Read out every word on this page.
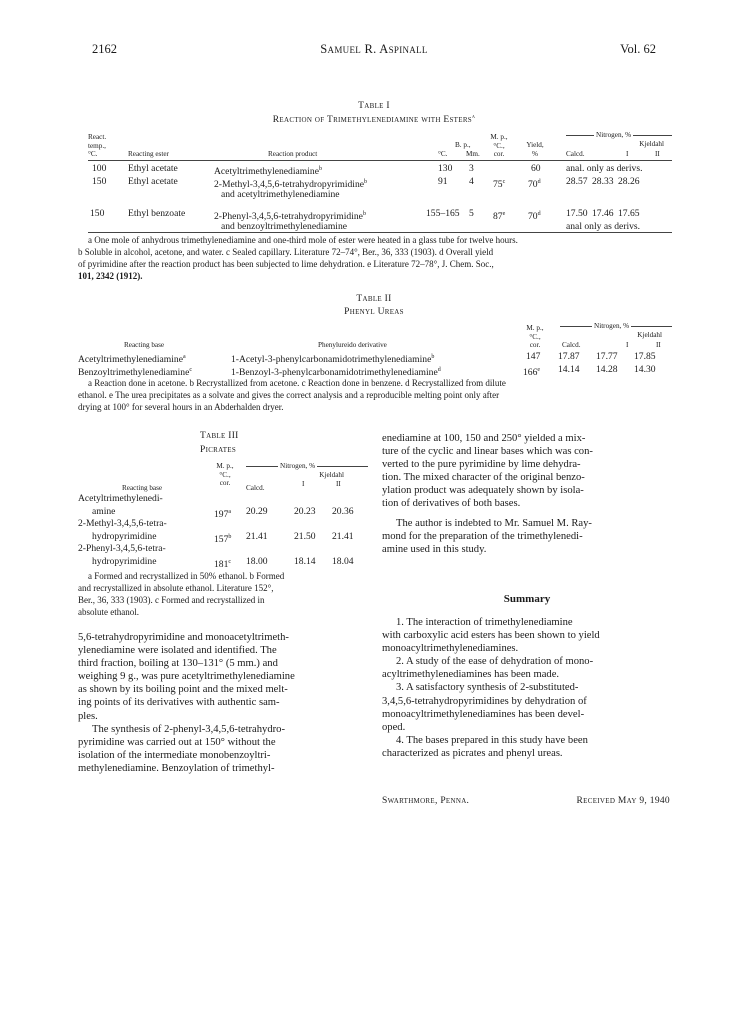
2162	Samuel R. Aspinall	Vol. 62
Table I
Reaction of Trimethylenediamine with Esters$^a$
React.
temp.,
°C.	Reacting ester	Reaction product
B. p.,
°C.	Mm.
M. p.,
°C.,
cor.
Yield,
%
Nitrogen, %
Kjeldahl
Calcd.	I	II
100 Ethyl acetate	Acetyltrimethylenediamine$^b$	130 3	60	anal. only as derivs.
150 Ethyl acetate	2-Methyl-3,4,5,6-tetrahydropyrimidine$^b$	91 4 75$^c$ 70$^d$	28.57 28.33 28.26
and acetyltrimethylenediamine
150 Ethyl benzoate	2-Phenyl-3,4,5,6-tetrahydropyrimidine$^b$	155–165 5 87e 70$^d$	17.50 17.46 17.65
and benzoyltrimethylenediamine	anal only as derivs.
a One mole of anhydrous trimethylenediamine and one-third mole of ester were heated in a glass tube for twelve hours.
b Soluble in alcohol, acetone, and water. c Sealed capillary. Literature 72–74°, Ber., 36, 333 (1903). d Overall yield
of pyrimidine after the reaction product has been subjected to lime dehydration. e Literature 72–78°, J. Chem. Soc.,
101, 2342 (1912).
Table II
Phenyl Ureas
Reacting base	Phenylureido derivative
M. p.,
°C.,
cor.
Nitrogen, %
Kjeldahl
Calcd.	I	II
Acetyltrimethylenediamine$^a$	1-Acetyl-3-phenylcarbonamidotrimethylenediamine$^b$	147 17.87 17.77 17.85
Benzoyltrimethylenediamine$^c$	1-Benzoyl-3-phenylcarbonamidotrimethylenediamine$^d$	166e 14.14 14.28 14.30
a Reaction done in acetone. b Recrystallized from acetone. c Reaction done in benzene. d Recrystallized from dilute
ethanol. e The urea precipitates as a solvate and gives the correct analysis and a reproducible melting point only after
drying at 100° for several hours in an Abderhalden dryer.
Table III
Picrates
Reacting base
M. p.,
°C.,
cor.
Nitrogen, %
Kjeldahl
Calcd.	I	II
Acetyltrimethylenedi-
amine	197$^a$ 20.29	20.23 20.36
2-Methyl-3,4,5,6-tetra-
hydropyrimidine	157$^b$ 21.41	21.50 21.41
2-Phenyl-3,4,5,6-tetra-
hydropyrimidine	181$^c$ 18.00	18.14 18.04
a Formed and recrystallized in 50% ethanol. b Formed
and recrystallized in absolute ethanol. Literature 152°,
Ber., 36, 333 (1903). c Formed and recrystallized in
absolute ethanol.
5,6-tetrahydropyrimidine and monoacetyltrimeth-
ylenediamine were isolated and identified. The
third fraction, boiling at 130–131° (5 mm.) and
weighing 9 g., was pure acetyltrimethylenediamine
as shown by its boiling point and the mixed melt-
ing points of its derivatives with authentic sam-
ples.
The synthesis of 2-phenyl-3,4,5,6-tetrahydro-
pyrimidine was carried out at 150° without the
isolation of the intermediate monobenzoyltri-
methylenediamine. Benzoylation of trimethyl-
enediamine at 100, 150 and 250° yielded a mix-
ture of the cyclic and linear bases which was con-
verted to the pure pyrimidine by lime dehydra-
tion. The mixed character of the original benzo-
ylation product was adequately shown by isola-
tion of derivatives of both bases.
The author is indebted to Mr. Samuel M. Ray-
mond for the preparation of the trimethylenedi-
amine used in this study.
Summary
1. The interaction of trimethylenediamine
with carboxylic acid esters has been shown to yield
monoacyltrimethylenediamines.
2. A study of the ease of dehydration of mono-
acyltrimethylenediamines has been made.
3. A satisfactory synthesis of 2-substituted-
3,4,5,6-tetrahydropyrimidines by dehydration of
monoacyltrimethylenediamines has been devel-
oped.
4. The bases prepared in this study have been
characterized as picrates and phenyl ureas.
Swarthmore, Penna.	Received May 9, 1940
